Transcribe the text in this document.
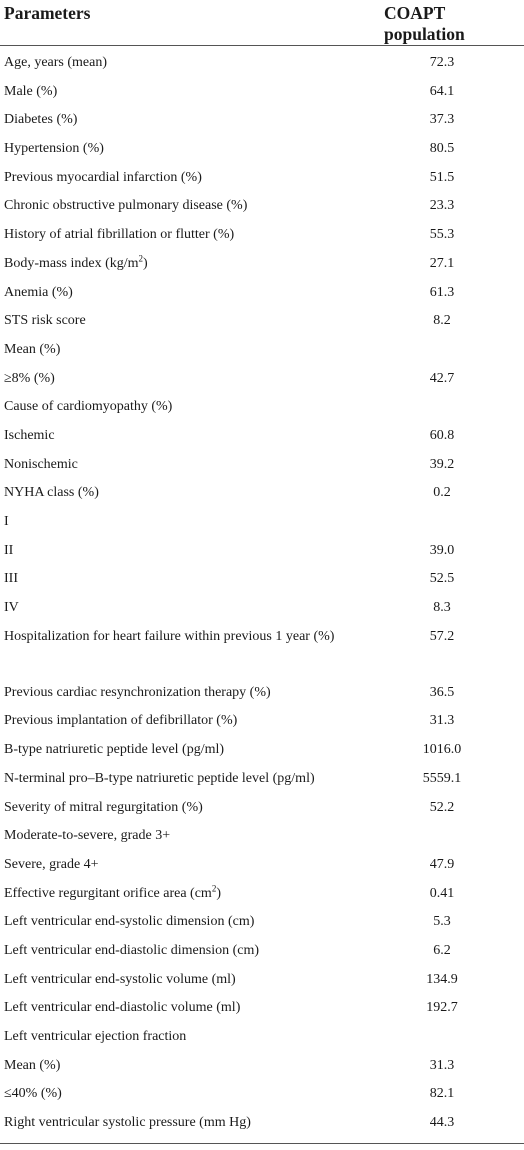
Parameters	COAPT population
Age, years (mean)	72.3
Male (%)	64.1
Diabetes (%)	37.3
Hypertension (%)	80.5
Previous myocardial infarction (%)	51.5
Chronic obstructive pulmonary disease (%)	23.3
History of atrial fibrillation or flutter (%)	55.3
Body-mass index $(kg/m^2)$	27.1
Anemia (%)	61.3
STS risk score	8.2
Mean (%)
≥8% (%)	42.7
Cause of cardiomyopathy (%)
Ischemic	60.8
Nonischemic	39.2
NYHA class (%)	0.2
I
II	39.0
III	52.5
IV	8.3
Hospitalization for heart failure within previous 1 year (%)	57.2
Previous cardiac resynchronization therapy (%)	36.5
Previous implantation of defibrillator (%)	31.3
B-type natriuretic peptide level (pg/ml)	1016.0
N-terminal pro–B-type natriuretic peptide level (pg/ml)	5559.1
Severity of mitral regurgitation (%)	52.2
Moderate-to-severe, grade 3+
Severe, grade 4+	47.9
Effective regurgitant orifice area $(cm^2)$	0.41
Left ventricular end-systolic dimension (cm)	5.3
Left ventricular end-diastolic dimension (cm)	6.2
Left ventricular end-systolic volume (ml)	134.9
Left ventricular end-diastolic volume (ml)	192.7
Left ventricular ejection fraction
Mean (%)	31.3
≤40% (%)	82.1
Right ventricular systolic pressure (mm Hg)	44.3
